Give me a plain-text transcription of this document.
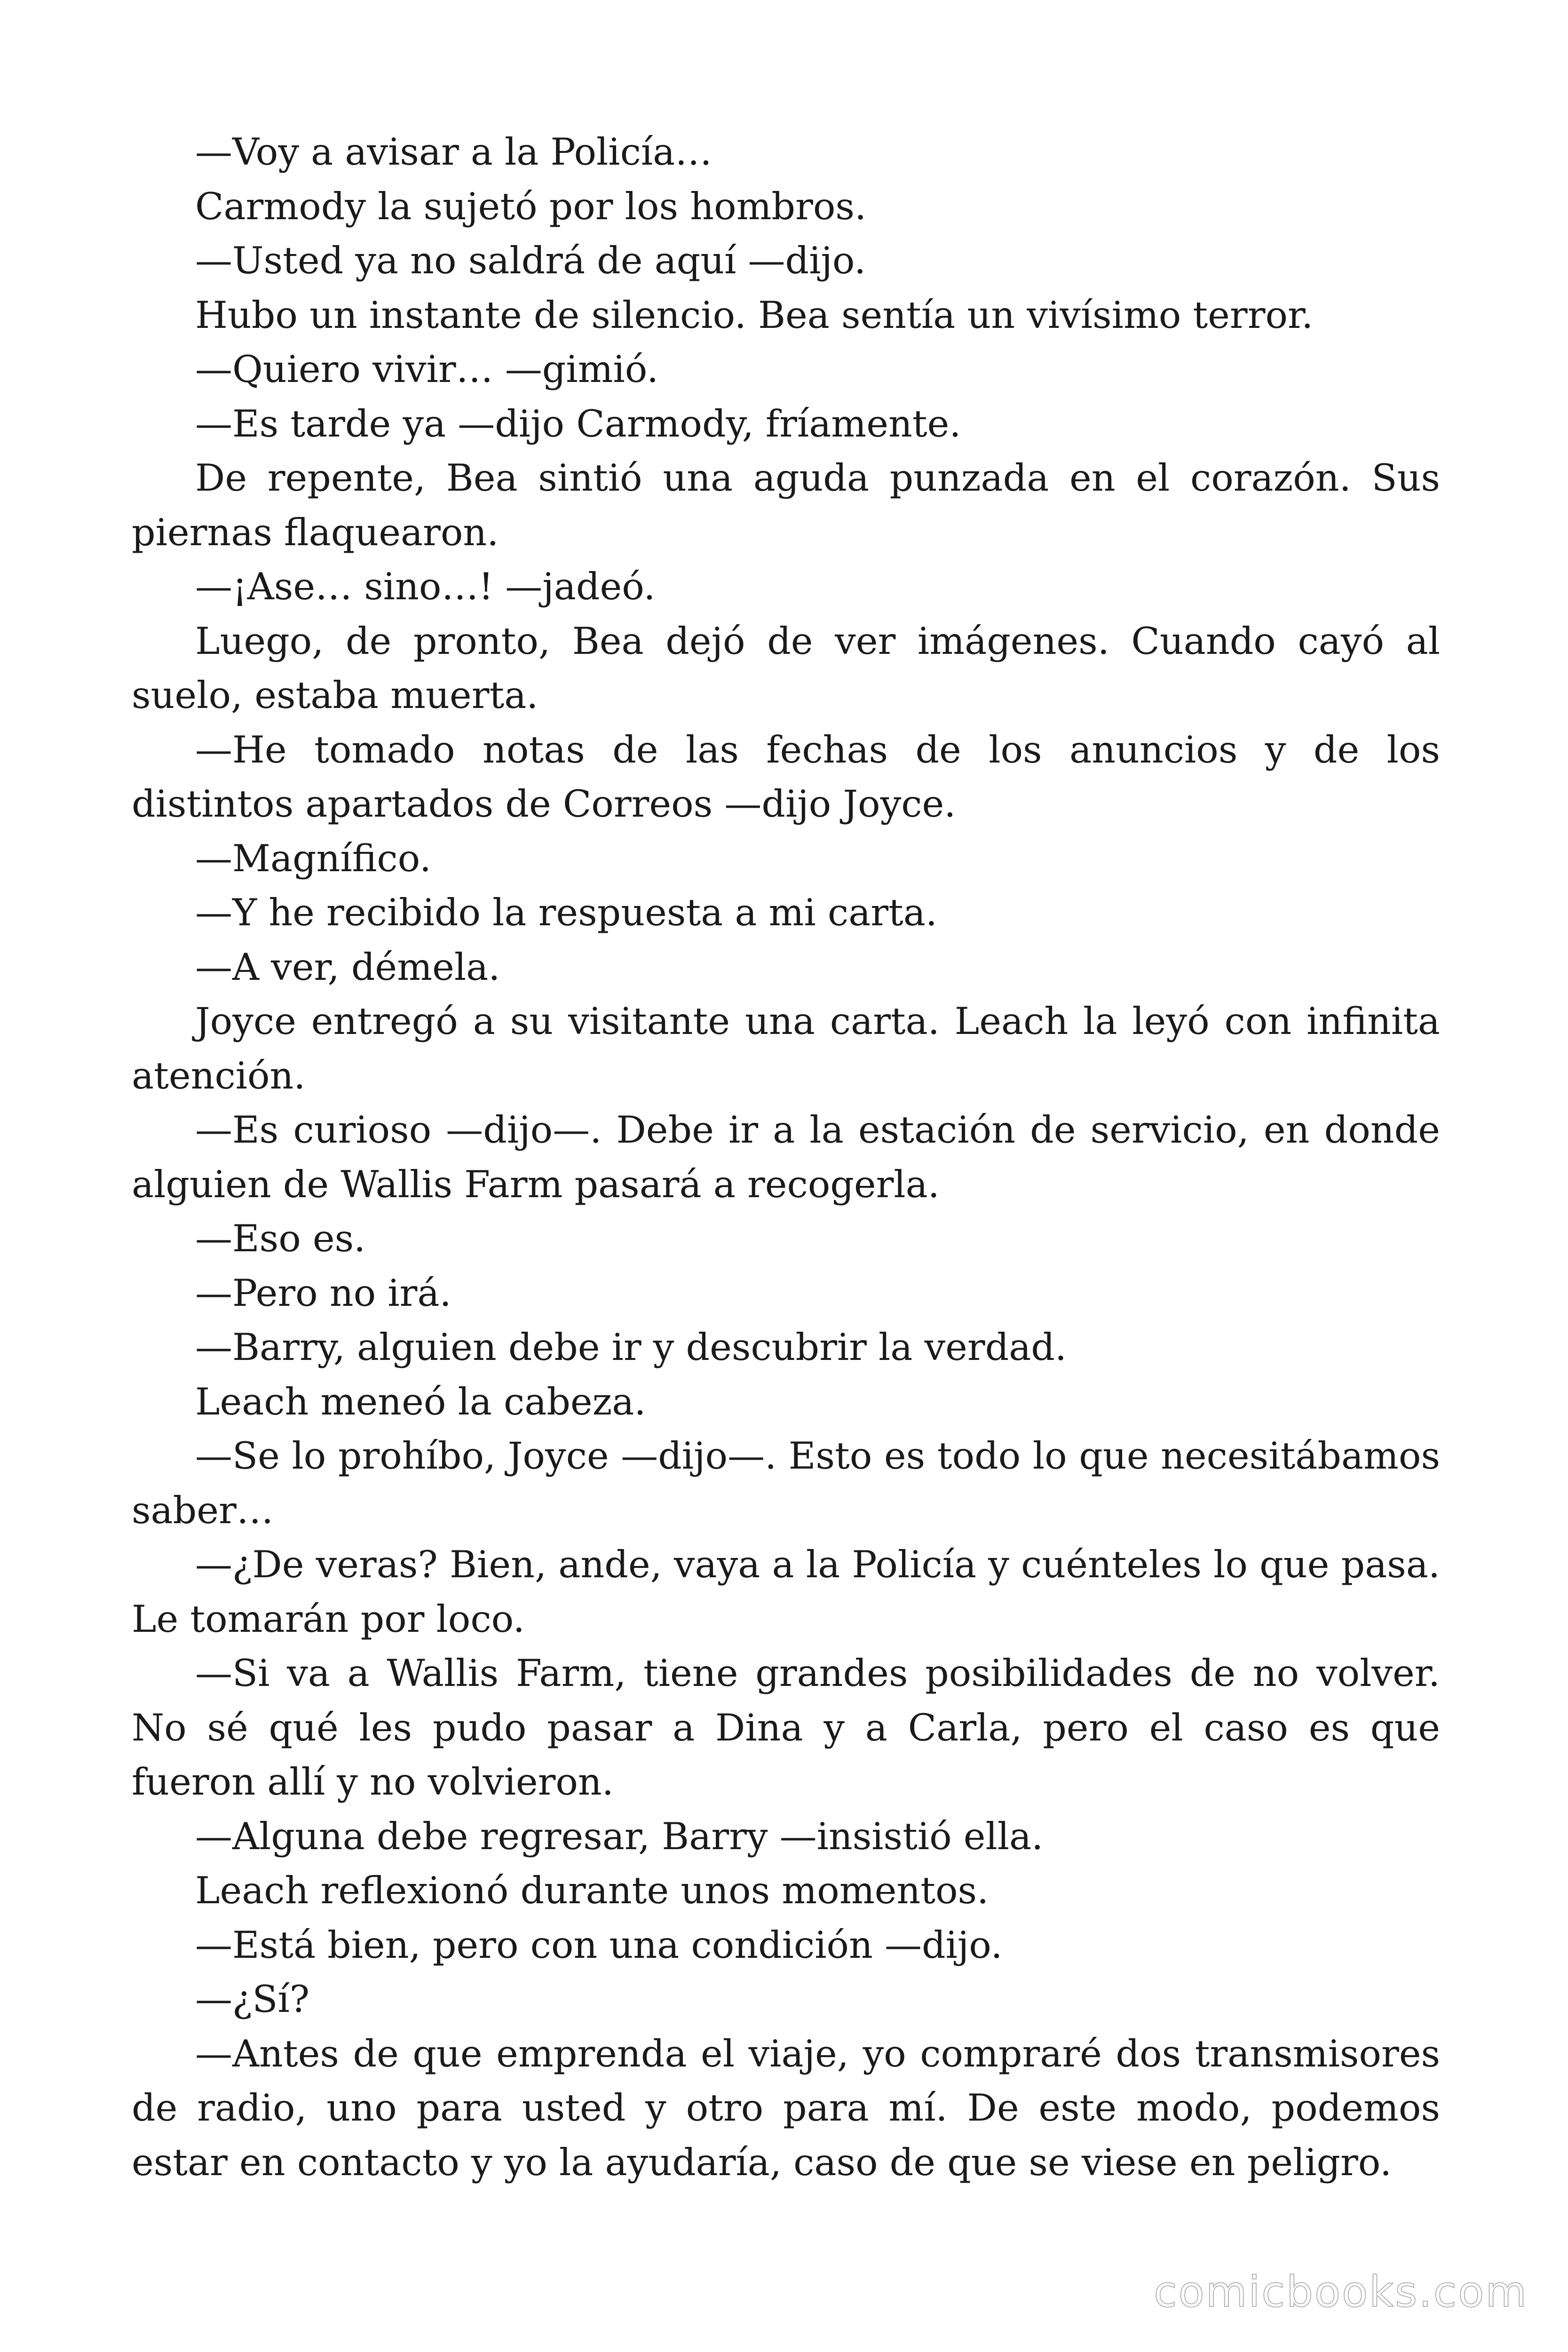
—Voy a avisar a la Policía…

Carmody la sujetó por los hombros.

—Usted ya no saldrá de aquí —dijo.

Hubo un instante de silencio. Bea sentía un vivísimo terror.

—Quiero vivir… —gimió.

—Es tarde ya —dijo Carmody, fríamente.

De repente, Bea sintió una aguda punzada en el corazón. Sus piernas flaquearon.

—¡Ase… sino…! —jadeó.

Luego, de pronto, Bea dejó de ver imágenes. Cuando cayó al suelo, estaba muerta.

—He tomado notas de las fechas de los anuncios y de los distintos apartados de Correos —dijo Joyce.

—Magnífico.

—Y he recibido la respuesta a mi carta.

—A ver, démela.

Joyce entregó a su visitante una carta. Leach la leyó con infinita atención.

—Es curioso —dijo—. Debe ir a la estación de servicio, en donde alguien de Wallis Farm pasará a recogerla.

—Eso es.

—Pero no irá.

—Barry, alguien debe ir y descubrir la verdad.

Leach meneó la cabeza.

—Se lo prohíbo, Joyce —dijo—. Esto es todo lo que necesitábamos saber…

—¿De veras? Bien, ande, vaya a la Policía y cuénteles lo que pasa. Le tomarán por loco.

—Si va a Wallis Farm, tiene grandes posibilidades de no volver. No sé qué les pudo pasar a Dina y a Carla, pero el caso es que fueron allí y no volvieron.

—Alguna debe regresar, Barry —insistió ella.

Leach reflexionó durante unos momentos.

—Está bien, pero con una condición —dijo.

—¿Sí?

—Antes de que emprenda el viaje, yo compraré dos transmisores de radio, uno para usted y otro para mí. De este modo, podemos estar en contacto y yo la ayudaría, caso de que se viese en peligro.

comicbooks.com
